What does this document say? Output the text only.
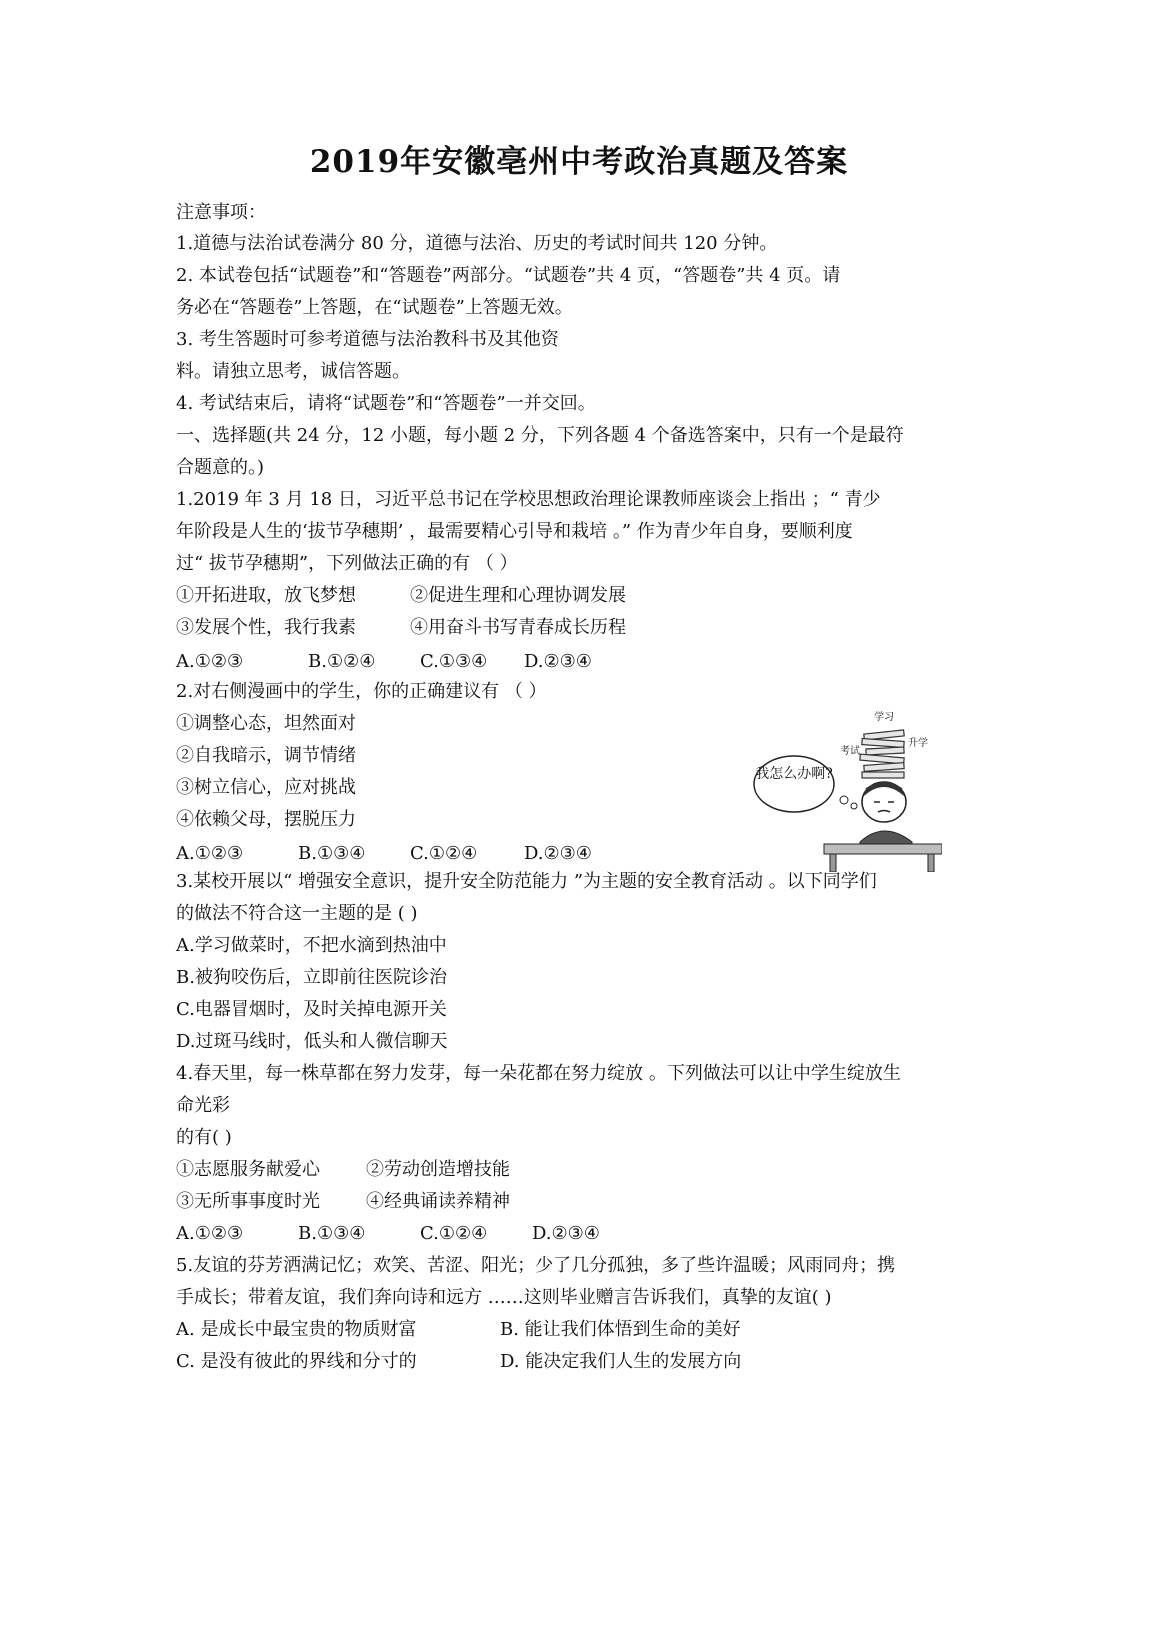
2019年安徽亳州中考政治真题及答案
注意事项：
1.道德与法治试卷满分 80 分，道德与法治、历史的考试时间共 120 分钟。
2. 本试卷包括“试题卷”和“答题卷”两部分。“试题卷”共 4 页，“答题卷”共 4 页。请
务必在“答题卷”上答题，在“试题卷”上答题无效。
3. 考生答题时可参考道德与法治教科书及其他资
料。请独立思考，诚信答题。
4. 考试结束后，请将“试题卷”和“答题卷”一并交回。
一、选择题(共 24 分，12 小题，每小题 2 分，下列各题 4 个备选答案中，只有一个是最符
合题意的。)
1.2019 年 3 月 18 日，习近平总书记在学校思想政治理论课教师座谈会上指出 ；“ 青少
年阶段是人生的‘拔节孕穗期’ ，最需要精心引导和栽培 。” 作为青少年自身，要顺利度
过“ 拔节孕穗期”，下列做法正确的有 （ ）
①开拓进取，放飞梦想	②促进生理和心理协调发展
③发展个性，我行我素	④用奋斗书写青春成长历程
A.①②③	B.①②④ C.①③④ D.②③④
2.对右侧漫画中的学生，你的正确建议有 （ ）
①调整心态，坦然面对
②自我暗示，调节情绪
③树立信心，应对挑战
④依赖父母，摆脱压力
A.①②③	B.①③④ C.①②④	D.②③④
我怎么办啊?
学习
考试
升学
3.某校开展以“ 增强安全意识，提升安全防范能力 ”为主题的安全教育活动 。以下同学们
的做法不符合这一主题的是 ( )
A.学习做菜时，不把水滴到热油中
B.被狗咬伤后，立即前往医院诊治
C.电器冒烟时，及时关掉电源开关
D.过斑马线时，低头和人微信聊天
4.春天里，每一株草都在努力发芽，每一朵花都在努力绽放 。下列做法可以让中学生绽放生
命光彩
的有( )
①志愿服务献爱心	②劳动创造增技能
③无所事事度时光	④经典诵读养精神
A.①②③	B.①③④	C.①②④ D.②③④
5.友谊的芬芳洒满记忆；欢笑、苦涩、阳光；少了几分孤独，多了些许温暖；风雨同舟；携
手成长；带着友谊，我们奔向诗和远方 ……这则毕业赠言告诉我们，真挚的友谊( )
A. 是成长中最宝贵的物质财富	B. 能让我们体悟到生命的美好
C. 是没有彼此的界线和分寸的	D. 能决定我们人生的发展方向
